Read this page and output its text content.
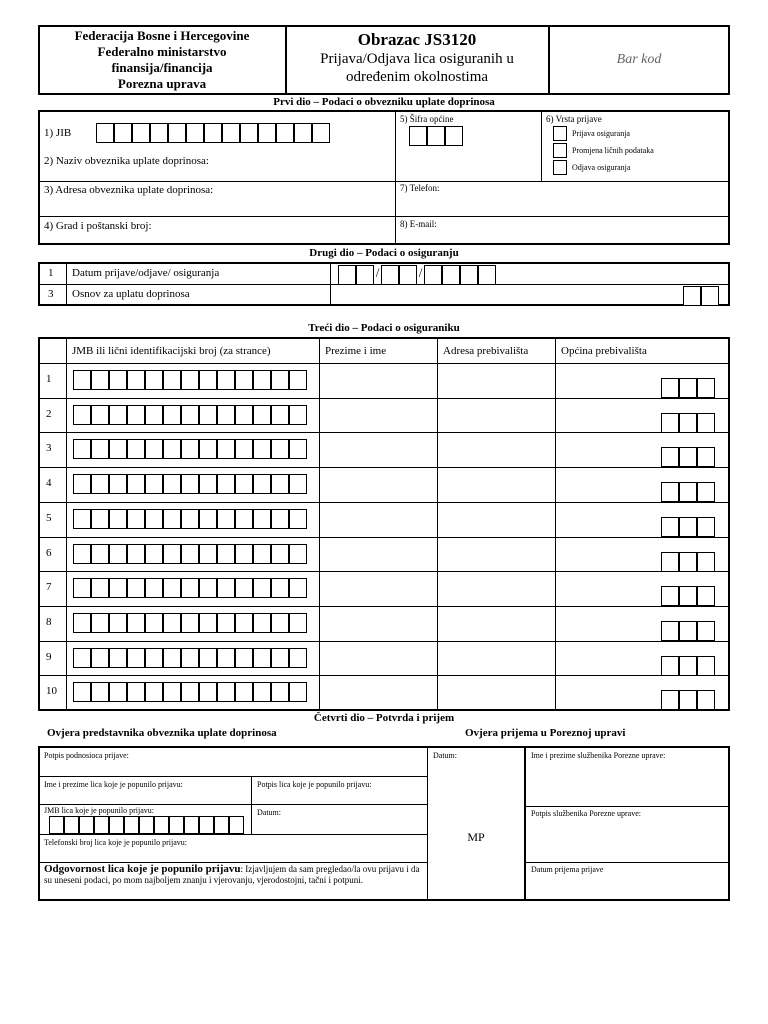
Federacija Bosne i Hercegovine
Federalno ministarstvo
finansija/financija
Porezna uprava
Obrazac JS3120
Prijava/Odjava lica osiguranih u
određenim okolnostima
Bar kod
Prvi dio – Podaci o obvezniku uplate doprinosa
1) JIB
2) Naziv obveznika uplate doprinosa:
3) Adresa obveznika uplate doprinosa:
4) Grad i poštanski broj:
5) Šifra općine
7) Telefon:
8) E-mail:
6) Vrsta prijave
Prijava osiguranja
Promjena ličnih podataka
Odjava osiguranja
Drugi dio – Podaci o osiguranju
1 Datum prijave/odjave/ osiguranja	/	/
3 Osnov za uplatu doprinosa
Treći dio – Podaci o osiguraniku
JMB ili lični identifikacijski broj (za strance)	Prezime i ime	Adresa prebivališta	Općina prebivališta
1
2
3
4
5
6
7
8
9
10
Četvrti dio – Potvrda i prijem
Ovjera predstavnika obveznika uplate doprinosa	Ovjera prijema u Poreznoj upravi
Potpis podnosioca prijave:	Datum:
Ime i prezime lica koje je popunilo prijavu:	Potpis lica koje je popunilo prijavu:
JMB lica koje je popunilo prijavu:	Datum:
Telefonski broj lica koje je popunilo prijavu:
Odgovornost lica koje je popunilo prijavu: Izjavljujem da sam pregledao/la ovu prijavu i da su uneseni podaci, po mom najboljem znanju i vjerovanju, vjerodostojni, tačni i potpuni.
MP
Ime i prezime službenika Porezne uprave:
Potpis službenika Porezne uprave:
Datum prijema prijave
